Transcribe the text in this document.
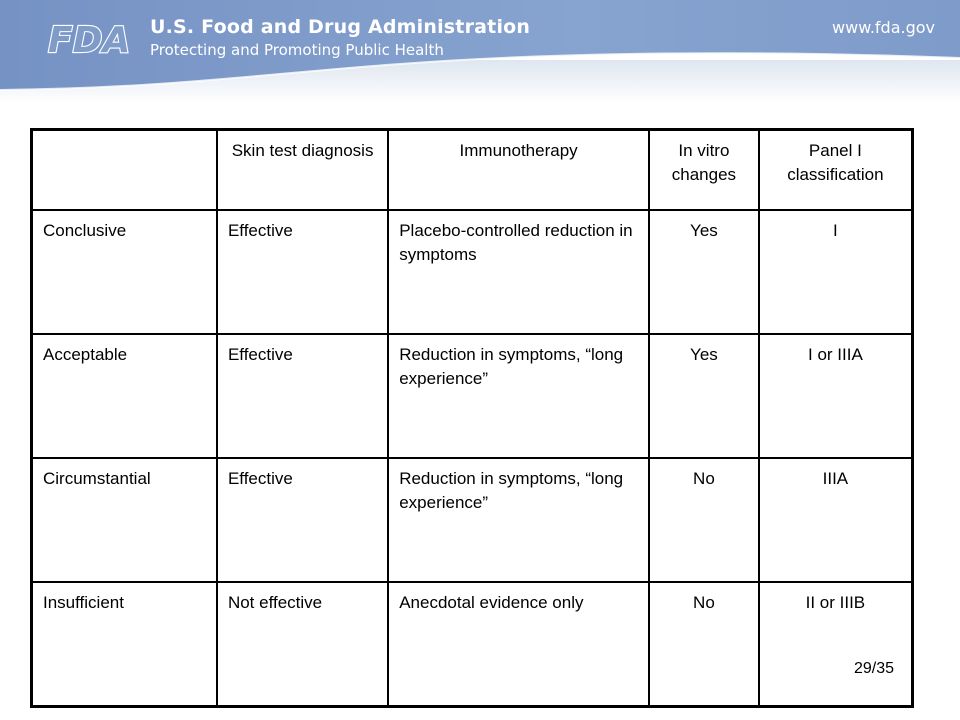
FDA U.S. Food and Drug Administration
Protecting and Promoting Public Health
www.fda.gov
	Skin test diagnosis	Immunotherapy	In vitro changes	Panel I classification
Conclusive	Effective	Placebo-controlled reduction in symptoms	Yes	I
Acceptable	Effective	Reduction in symptoms, “long experience”	Yes	I or IIIA
Circumstantial	Effective	Reduction in symptoms, “long experience”	No	IIIA
Insufficient	Not effective	Anecdotal evidence only	No	II or IIIB
29/35
